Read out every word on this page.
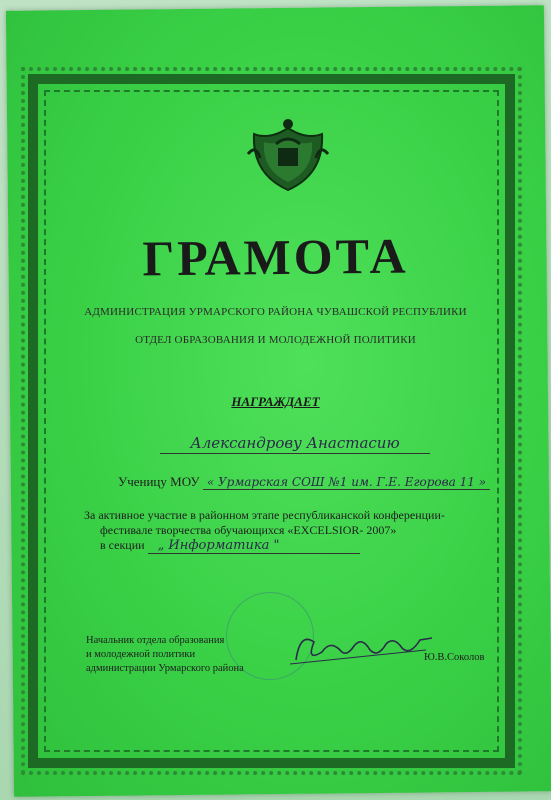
ГРАМОТА
АДМИНИСТРАЦИЯ УРМАРСКОГО РАЙОНА ЧУВАШСКОЙ РЕСПУБЛИКИ
ОТДЕЛ ОБРАЗОВАНИЯ И МОЛОДЕЖНОЙ ПОЛИТИКИ
НАГРАЖДАЕТ
Александрову Анастасию
Ученицу МОУ « Урмарская СОШ №1 им. Г.Е. Егорова 11 »
За активное участие в районном этапе республиканской конференции-
фестивале творчества обучающихся «EXCELSIOR- 2007»
в секции „ Информатика "
Начальник отдела образования
и молодежной политики
администрации Урмарского района
Ю.В.Соколов
